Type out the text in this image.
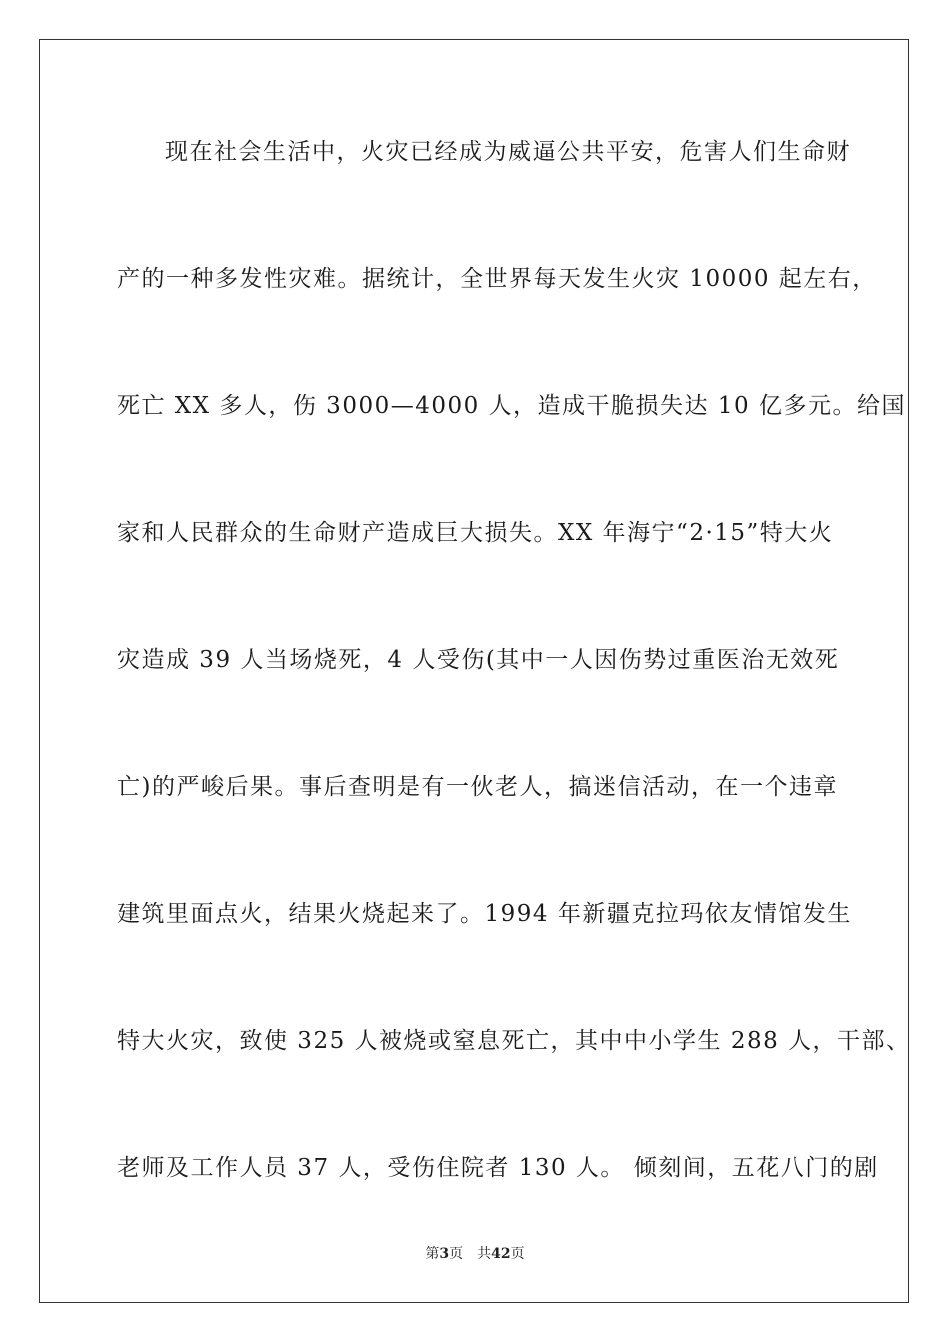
现在社会生活中，火灾已经成为威逼公共平安，危害人们生命财
产的一种多发性灾难。据统计，全世界每天发生火灾 10000 起左右，
死亡 XX 多人，伤 3000—4000 人，造成干脆损失达 10 亿多元。给国
家和人民群众的生命财产造成巨大损失。XX 年海宁“2·15”特大火
灾造成 39 人当场烧死，4 人受伤(其中一人因伤势过重医治无效死
亡)的严峻后果。事后查明是有一伙老人，搞迷信活动，在一个违章
建筑里面点火，结果火烧起来了。1994 年新疆克拉玛依友情馆发生
特大火灾，致使 325 人被烧或窒息死亡，其中中小学生 288 人，干部、
老师及工作人员 37 人，受伤住院者 130 人。 倾刻间，五花八门的剧
第3页 共42页
